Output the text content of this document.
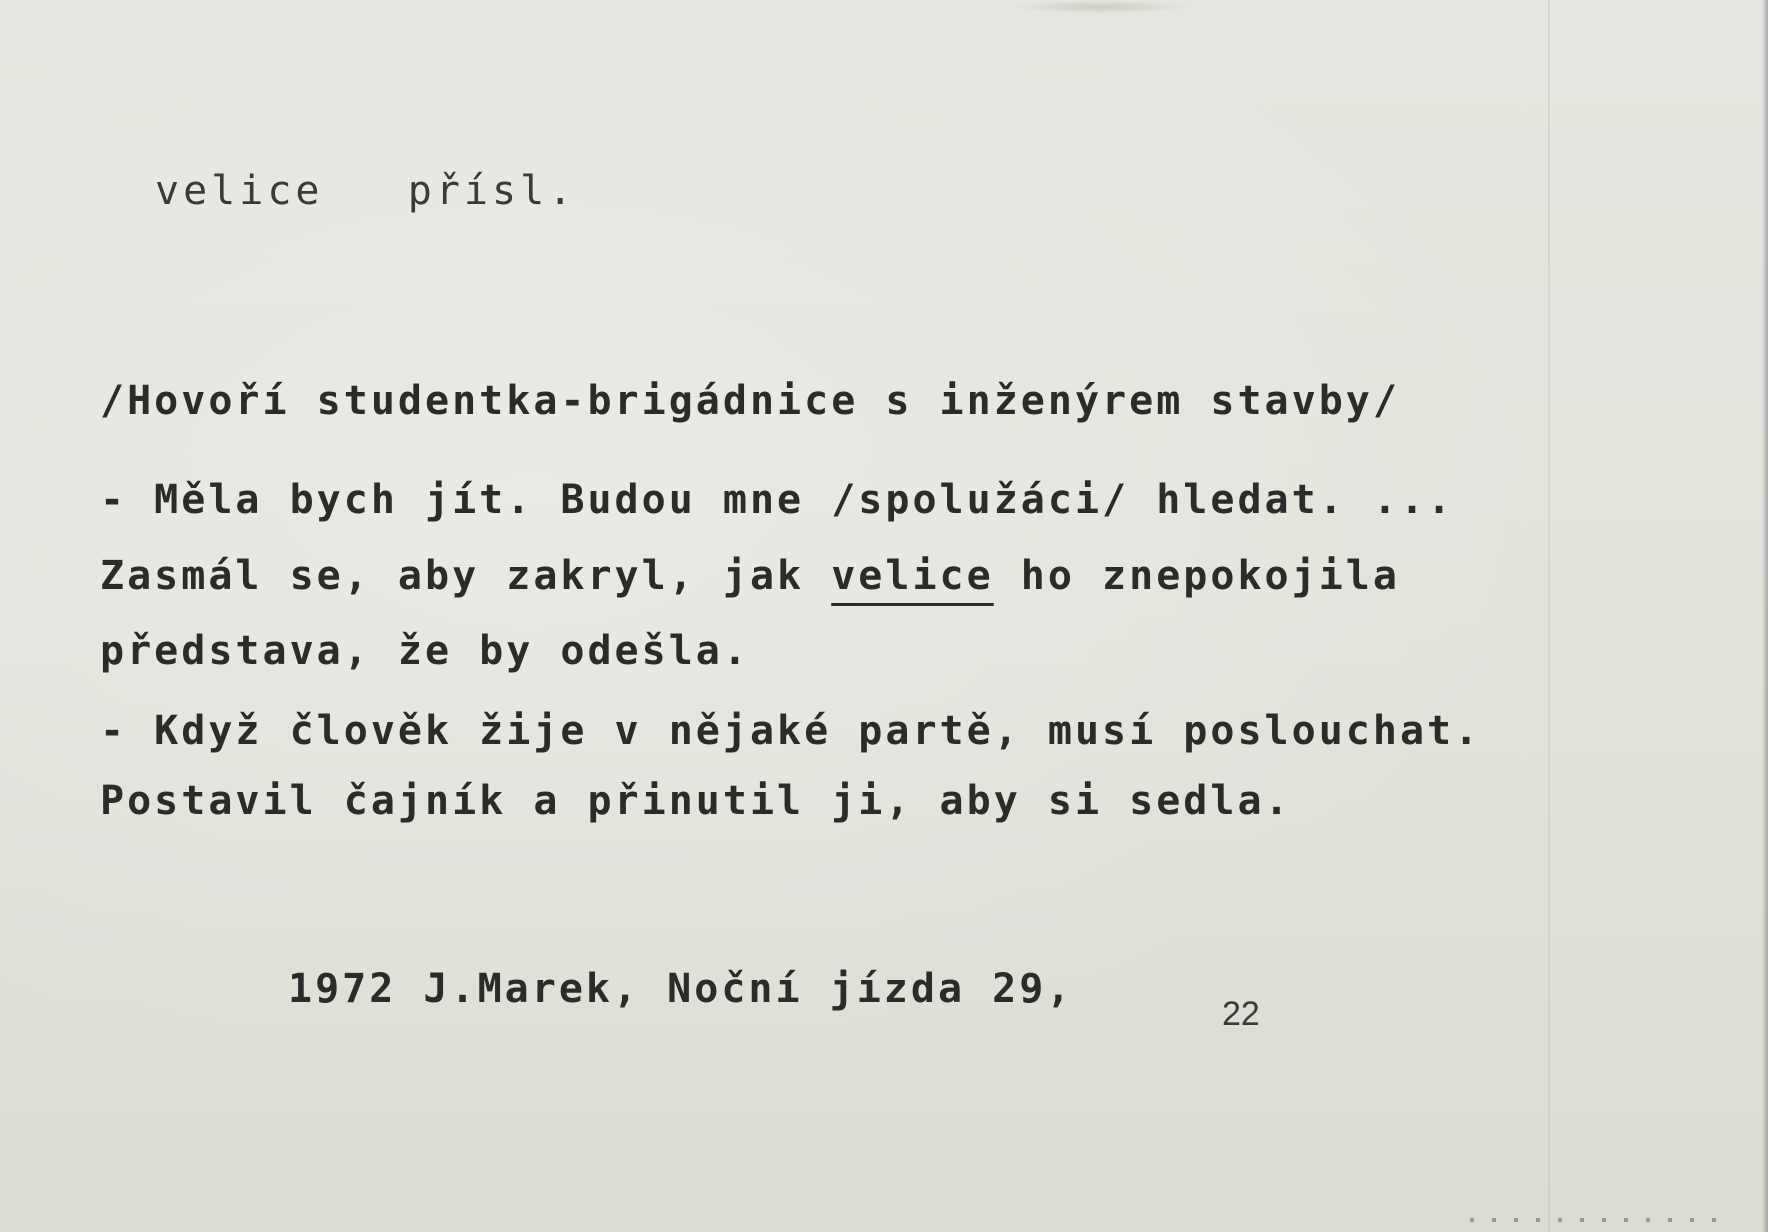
velice   přísl.

/Hovoří studentka-brigádnice s inženýrem stavby/

- Měla bych jít. Budou mne /spolužáci/ hledat. ...

Zasmál se, aby zakryl, jak velice ho znepokojila

představa, že by odešla.

- Když člověk žije v nějaké partě, musí poslouchat.

Postavil čajník a přinutil ji, aby si sedla.

1972 J.Marek, Noční jízda 29,

22
